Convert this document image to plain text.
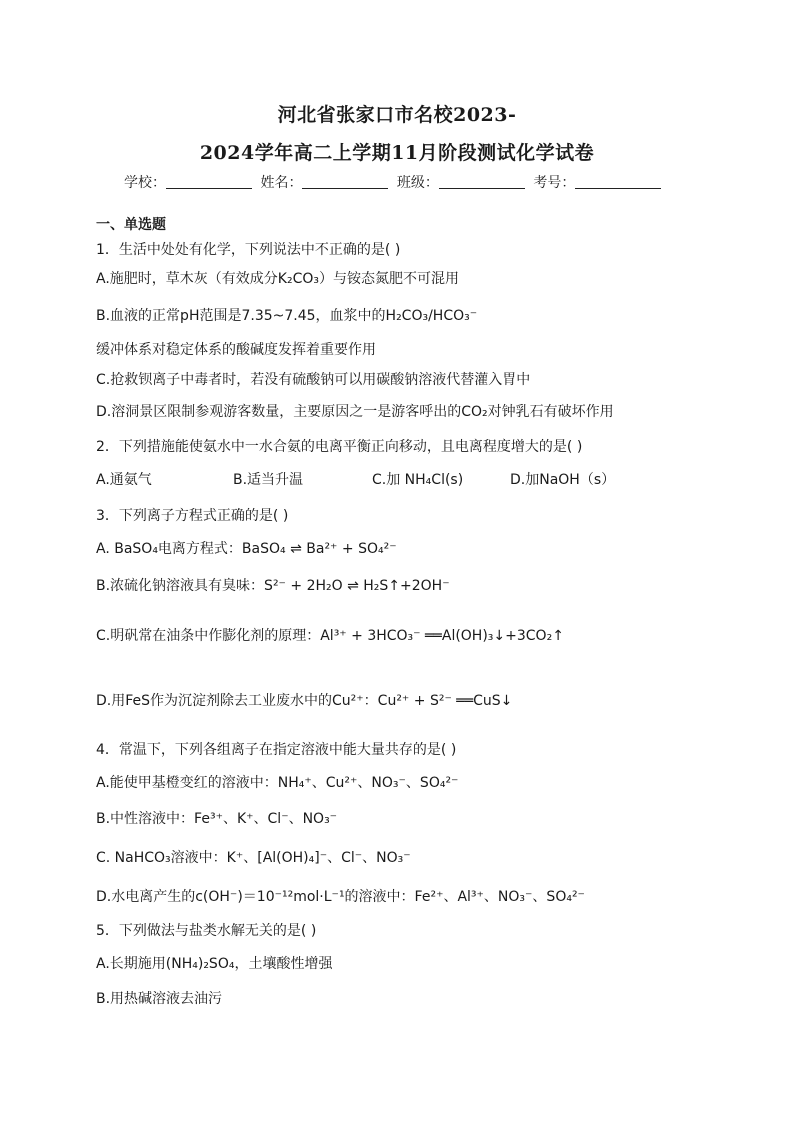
河北省张家口市名校2023-
2024学年高二上学期11月阶段测试化学试卷
学校：	姓名：	班级：	考号：
一、单选题
1．生活中处处有化学，下列说法中不正确的是( )
A.施肥时，草木灰（有效成分K₂CO₃）与铵态氮肥不可混用
B.血液的正常pH范围是7.35~7.45，血浆中的H₂CO₃/HCO₃⁻
缓冲体系对稳定体系的酸碱度发挥着重要作用
C.抢救钡离子中毒者时，若没有硫酸钠可以用碳酸钠溶液代替灌入胃中
D.溶洞景区限制参观游客数量，主要原因之一是游客呼出的CO₂对钟乳石有破坏作用
2．下列措施能使氨水中一水合氨的电离平衡正向移动，且电离程度增大的是( )
A.通氨气	B.适当升温	C.加 NH₄Cl(s)	D.加NaOH（s）
3．下列离子方程式正确的是( )
A. BaSO₄电离方程式：BaSO₄ ⇌ Ba²⁺ + SO₄²⁻
B.浓硫化钠溶液具有臭味：S²⁻ + 2H₂O ⇌ H₂S↑+2OH⁻
C.明矾常在油条中作膨化剂的原理：Al³⁺ + 3HCO₃⁻ ══Al(OH)₃↓+3CO₂↑
D.用FeS作为沉淀剂除去工业废水中的Cu²⁺：Cu²⁺ + S²⁻ ══CuS↓
4．常温下，下列各组离子在指定溶液中能大量共存的是( )
A.能使甲基橙变红的溶液中：NH₄⁺、Cu²⁺、NO₃⁻、SO₄²⁻
B.中性溶液中：Fe³⁺、K⁺、Cl⁻、NO₃⁻
C. NaHCO₃溶液中：K⁺、[Al(OH)₄]⁻、Cl⁻、NO₃⁻
D.水电离产生的c(OH⁻)＝10⁻¹²mol·L⁻¹的溶液中：Fe²⁺、Al³⁺、NO₃⁻、SO₄²⁻
5．下列做法与盐类水解无关的是( )
A.长期施用(NH₄)₂SO₄，土壤酸性增强
B.用热碱溶液去油污
